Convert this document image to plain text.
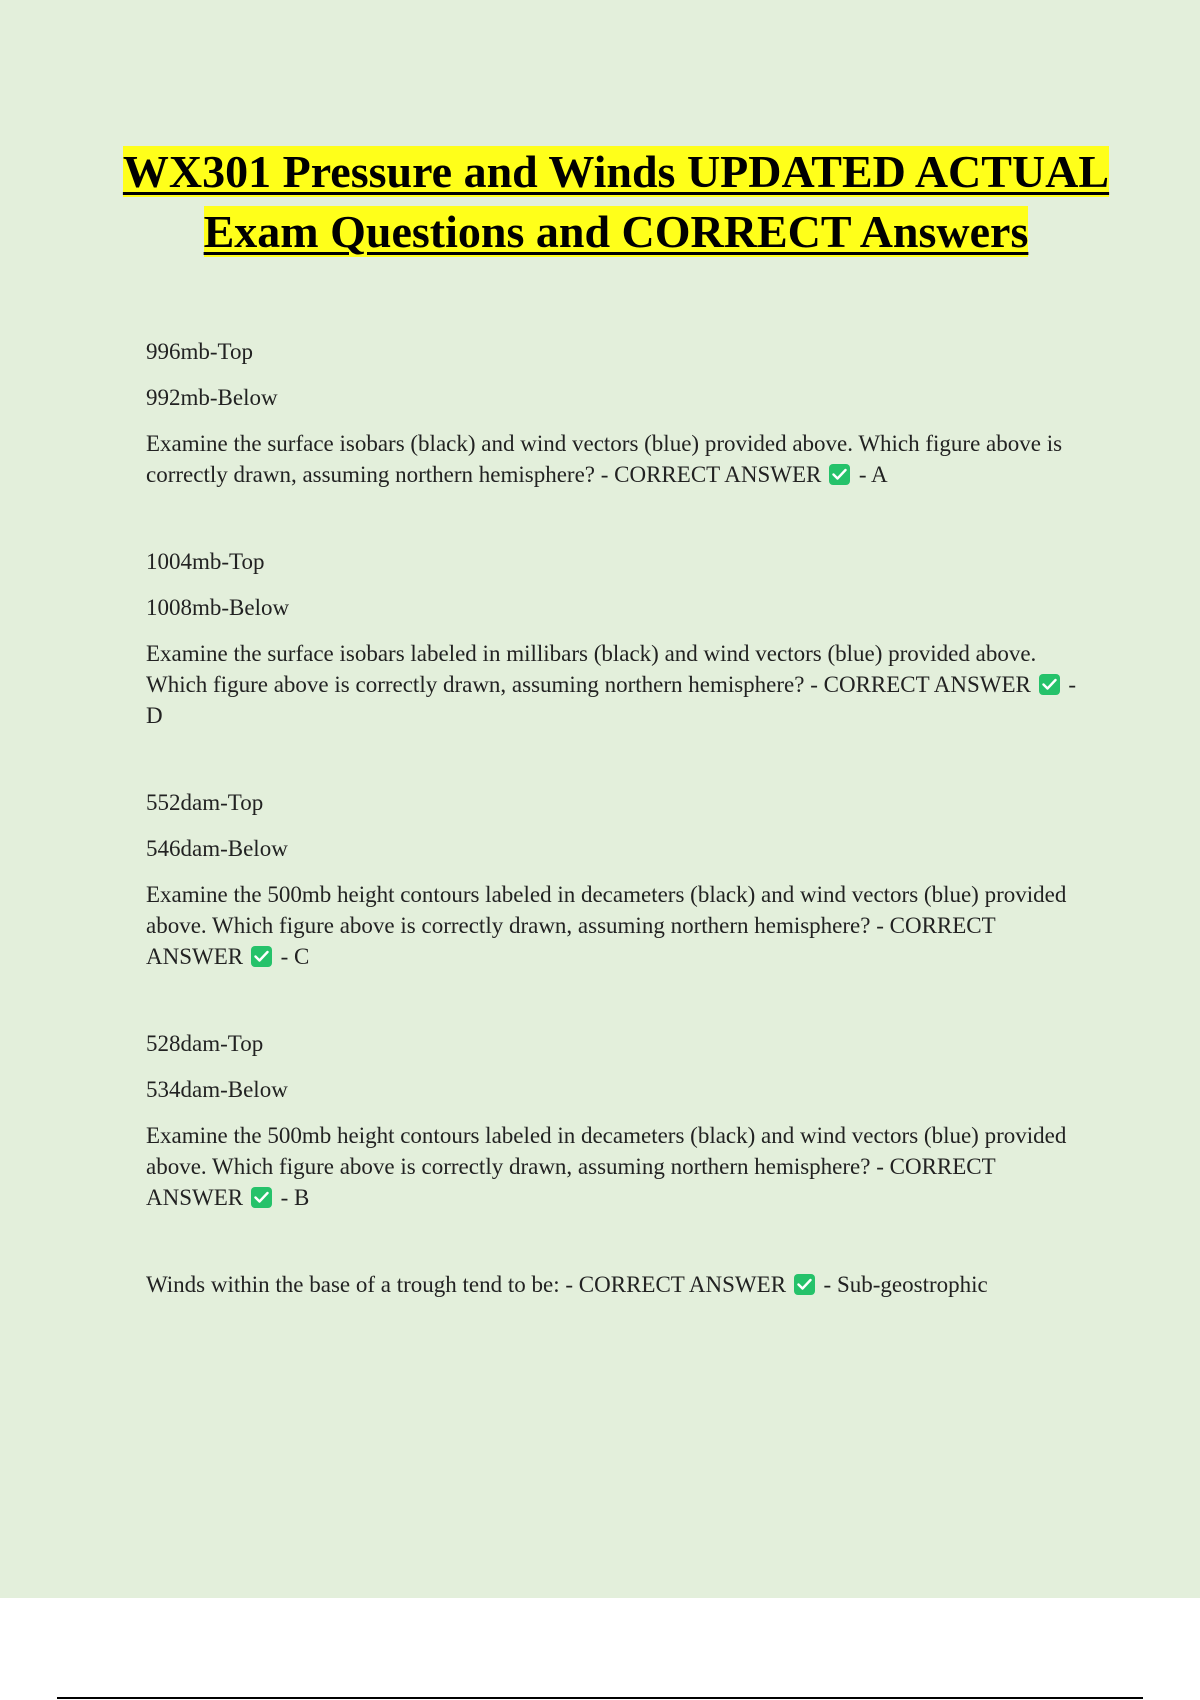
WX301 Pressure and Winds UPDATED ACTUAL Exam Questions and CORRECT Answers

996mb-Top

992mb-Below

Examine the surface isobars (black) and wind vectors (blue) provided above. Which figure above is correctly drawn, assuming northern hemisphere? - CORRECT ANSWER - A

1004mb-Top

1008mb-Below

Examine the surface isobars labeled in millibars (black) and wind vectors (blue) provided above. Which figure above is correctly drawn, assuming northern hemisphere? - CORRECT ANSWER - D

552dam-Top

546dam-Below

Examine the 500mb height contours labeled in decameters (black) and wind vectors (blue) provided above. Which figure above is correctly drawn, assuming northern hemisphere? - CORRECT ANSWER - C

528dam-Top

534dam-Below

Examine the 500mb height contours labeled in decameters (black) and wind vectors (blue) provided above. Which figure above is correctly drawn, assuming northern hemisphere? - CORRECT ANSWER - B

Winds within the base of a trough tend to be: - CORRECT ANSWER - Sub-geostrophic
